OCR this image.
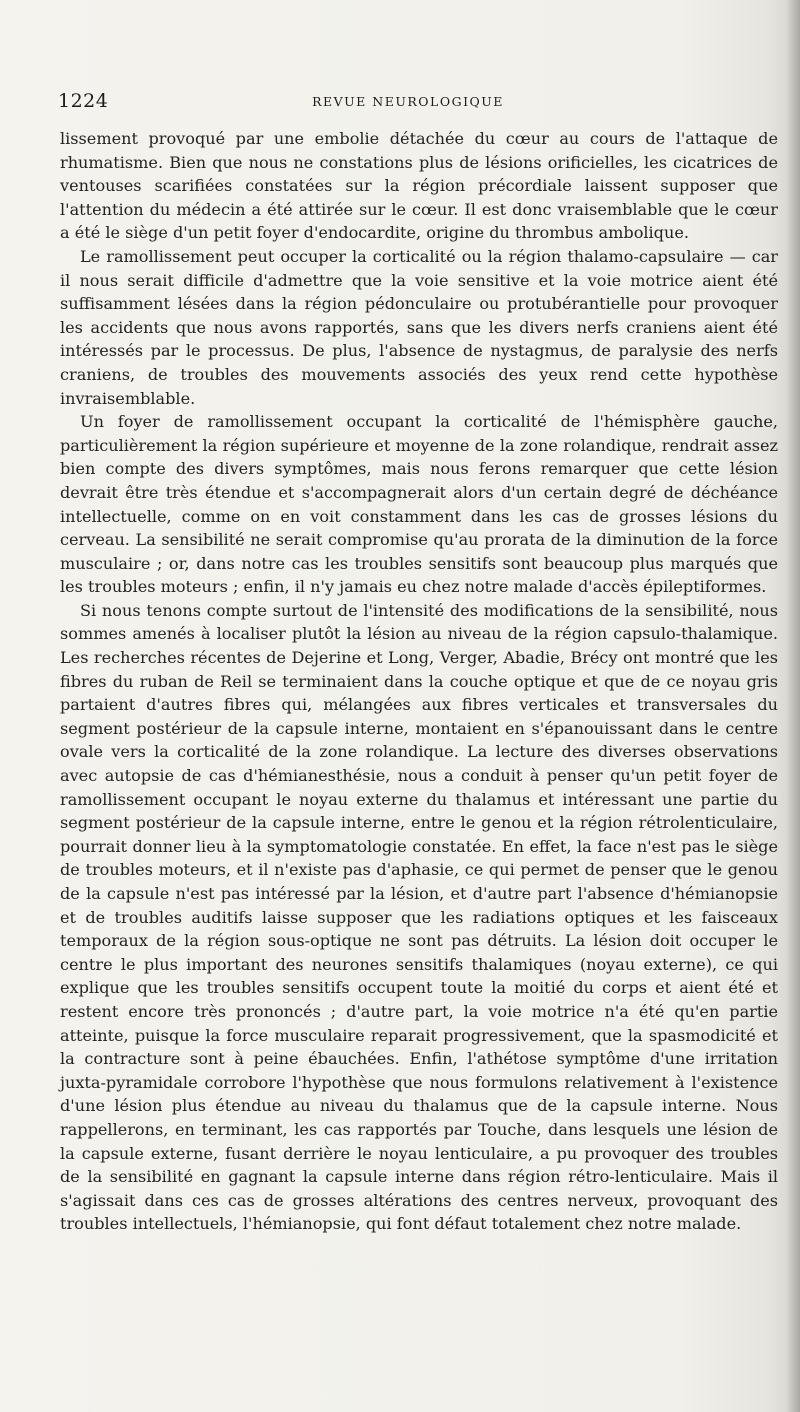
1224	REVUE NEUROLOGIQUE

lissement provoqué par une embolie détachée du cœur au cours de l'attaque de rhumatisme. Bien que nous ne constations plus de lésions orificielles, les cicatrices de ventouses scarifiées constatées sur la région précordiale laissent supposer que l'attention du médecin a été attirée sur le cœur. Il est donc vraisemblable que le cœur a été le siège d'un petit foyer d'endocardite, origine du thrombus ambolique.

Le ramollissement peut occuper la corticalité ou la région thalamo-capsulaire — car il nous serait difficile d'admettre que la voie sensitive et la voie motrice aient été suffisamment lésées dans la région pédonculaire ou protubérantielle pour provoquer les accidents que nous avons rapportés, sans que les divers nerfs craniens aient été intéressés par le processus. De plus, l'absence de nystagmus, de paralysie des nerfs craniens, de troubles des mouvements associés des yeux rend cette hypothèse invraisemblable.

Un foyer de ramollissement occupant la corticalité de l'hémisphère gauche, particulièrement la région supérieure et moyenne de la zone rolandique, rendrait assez bien compte des divers symptômes, mais nous ferons remarquer que cette lésion devrait être très étendue et s'accompagnerait alors d'un certain degré de déchéance intellectuelle, comme on en voit constamment dans les cas de grosses lésions du cerveau. La sensibilité ne serait compromise qu'au prorata de la diminution de la force musculaire ; or, dans notre cas les troubles sensitifs sont beaucoup plus marqués que les troubles moteurs ; enfin, il n'y jamais eu chez notre malade d'accès épileptiformes.

Si nous tenons compte surtout de l'intensité des modifications de la sensibilité, nous sommes amenés à localiser plutôt la lésion au niveau de la région capsulo-thalamique. Les recherches récentes de Dejerine et Long, Verger, Abadie, Brécy ont montré que les fibres du ruban de Reil se terminaient dans la couche optique et que de ce noyau gris partaient d'autres fibres qui, mélangées aux fibres verticales et transversales du segment postérieur de la capsule interne, montaient en s'épanouissant dans le centre ovale vers la corticalité de la zone rolandique. La lecture des diverses observations avec autopsie de cas d'hémianesthésie, nous a conduit à penser qu'un petit foyer de ramollissement occupant le noyau externe du thalamus et intéressant une partie du segment postérieur de la capsule interne, entre le genou et la région rétrolenticulaire, pourrait donner lieu à la symptomatologie constatée. En effet, la face n'est pas le siège de troubles moteurs, et il n'existe pas d'aphasie, ce qui permet de penser que le genou de la capsule n'est pas intéressé par la lésion, et d'autre part l'absence d'hémianopsie et de troubles auditifs laisse supposer que les radiations optiques et les faisceaux temporaux de la région sous-optique ne sont pas détruits. La lésion doit occuper le centre le plus important des neurones sensitifs thalamiques (noyau externe), ce qui explique que les troubles sensitifs occupent toute la moitié du corps et aient été et restent encore très prononcés ; d'autre part, la voie motrice n'a été qu'en partie atteinte, puisque la force musculaire reparait progressivement, que la spasmodicité et la contracture sont à peine ébauchées. Enfin, l'athétose symptôme d'une irritation juxta-pyramidale corrobore l'hypothèse que nous formulons relativement à l'existence d'une lésion plus étendue au niveau du thalamus que de la capsule interne. Nous rappellerons, en terminant, les cas rapportés par Touche, dans lesquels une lésion de la capsule externe, fusant derrière le noyau lenticulaire, a pu provoquer des troubles de la sensibilité en gagnant la capsule interne dans région rétro-lenticulaire. Mais il s'agissait dans ces cas de grosses altérations des centres nerveux, provoquant des troubles intellectuels, l'hémianopsie, qui font défaut totalement chez notre malade.
